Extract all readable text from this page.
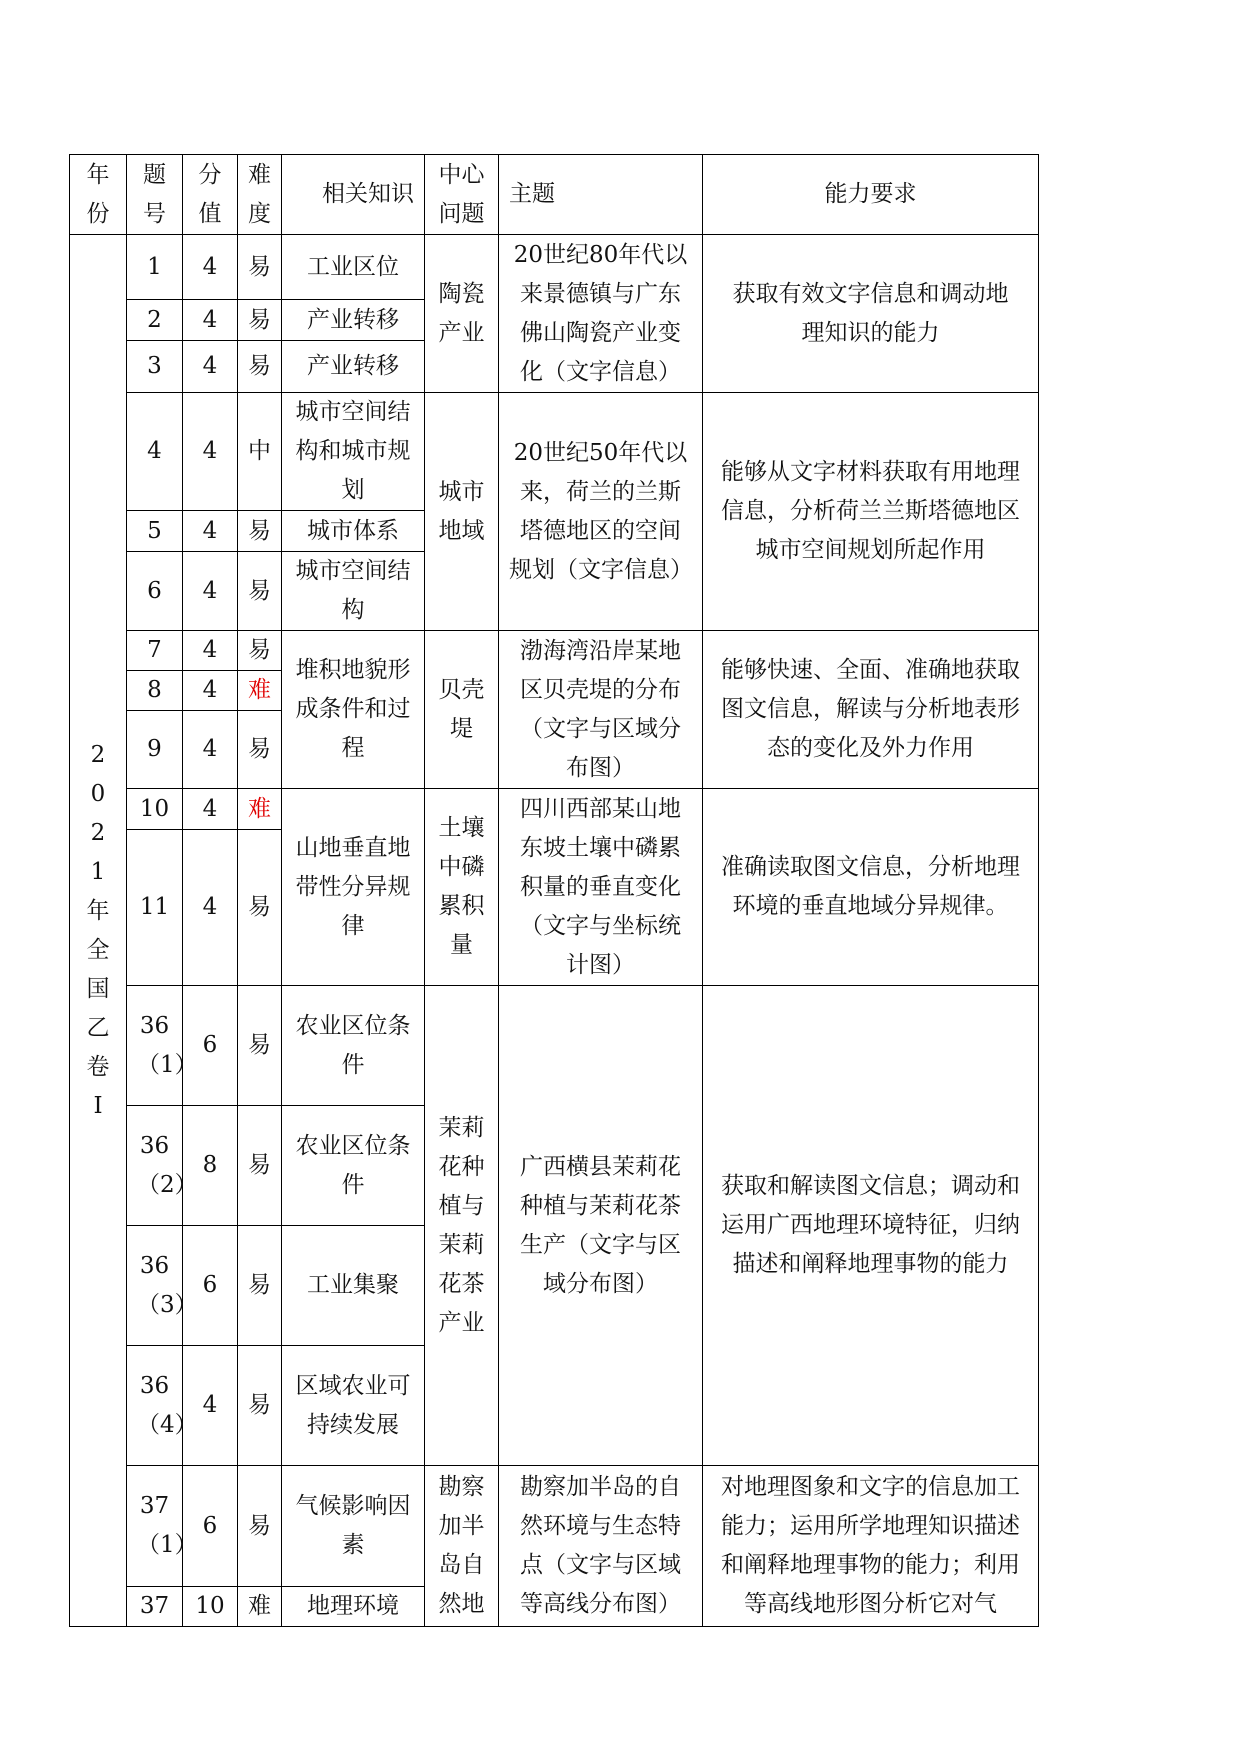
年份	题号	分值	难度	相关知识	中心问题	主题	能力要求
2021年全国乙卷Ⅰ	1	4	易	工业区位	陶瓷产业	20世纪80年代以来景德镇与广东佛山陶瓷产业变化（文字信息）	获取有效文字信息和调动地理知识的能力
	2	4	易	产业转移			
	3	4	易	产业转移			
	4	4	中	城市空间结构和城市规划	城市地域	20世纪50年代以来，荷兰的兰斯塔德地区的空间规划（文字信息）	能够从文字材料获取有用地理信息，分析荷兰兰斯塔德地区城市空间规划所起作用
	5	4	易	城市体系			
	6	4	易	城市空间结构			
	7	4	易	堆积地貌形成条件和过程	贝壳堤	渤海湾沿岸某地区贝壳堤的分布（文字与区域分布图）	能够快速、全面、准确地获取图文信息，解读与分析地表形态的变化及外力作用
	8	4	难				
	9	4	易				
	10	4	难	山地垂直地带性分异规律	土壤中磷累积量	四川西部某山地东坡土壤中磷累积量的垂直变化（文字与坐标统计图）	准确读取图文信息，分析地理环境的垂直地域分异规律。
	11	4	易				
	36（1）	6	易	农业区位条件	茉莉花种植与茉莉花茶产业	广西横县茉莉花种植与茉莉花茶生产（文字与区域分布图）	获取和解读图文信息；调动和运用广西地理环境特征，归纳描述和阐释地理事物的能力
	36（2）	8	易	农业区位条件			
	36（3）	6	易	工业集聚			
	36（4）	4	易	区域农业可持续发展			
	37（1）	6	易	气候影响因素	勘察加半岛自然地	勘察加半岛的自然环境与生态特点（文字与区域等高线分布图）	对地理图象和文字的信息加工能力；运用所学地理知识描述和阐释地理事物的能力；利用等高线地形图分析它对气
	37	10	难	地理环境			
